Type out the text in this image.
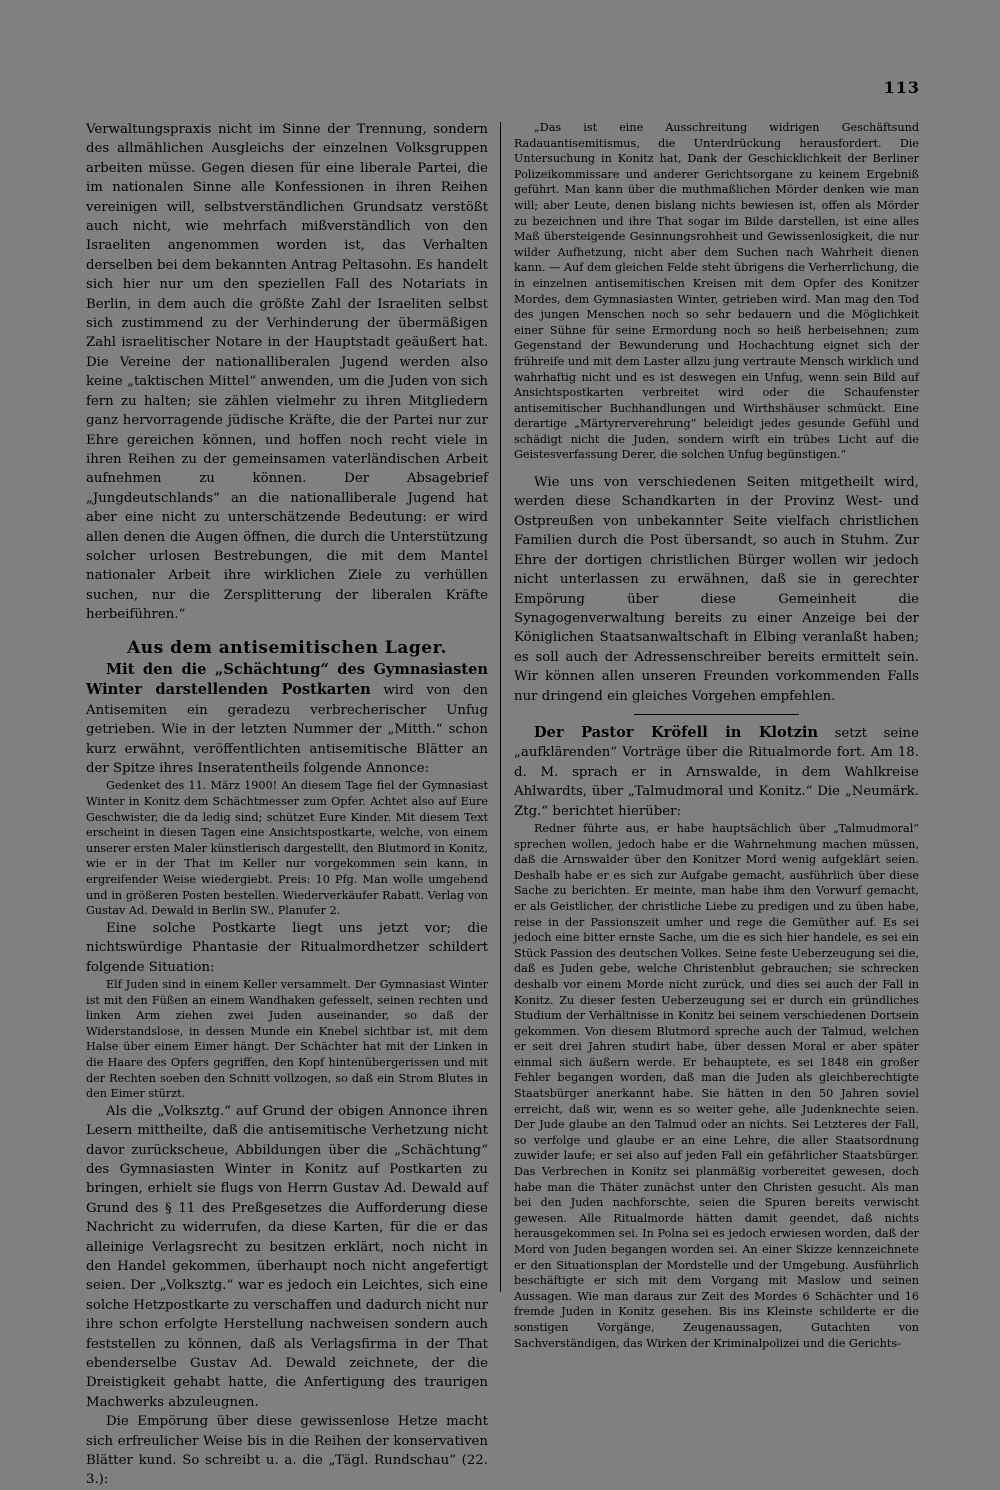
113

Verwaltungspraxis nicht im Sinne der Trennung, sondern des allmählichen Ausgleichs der einzelnen Volksgruppen arbeiten müsse. Gegen diesen für eine liberale Partei, die im nationalen Sinne alle Konfessionen in ihren Reihen vereinigen will, selbstverständlichen Grundsatz verstößt auch nicht, wie mehrfach mißverständlich von den Israeliten angenommen worden ist, das Verhalten derselben bei dem bekannten Antrag Peltasohn. Es handelt sich hier nur um den speziellen Fall des Notariats in Berlin, in dem auch die größte Zahl der Israeliten selbst sich zustimmend zu der Verhinderung der übermäßigen Zahl israelitischer Notare in der Hauptstadt geäußert hat. Die Vereine der nationalliberalen Jugend werden also keine „taktischen Mittel“ anwenden, um die Juden von sich fern zu halten; sie zählen vielmehr zu ihren Mitgliedern ganz hervorragende jüdische Kräfte, die der Partei nur zur Ehre gereichen können, und hoffen noch recht viele in ihren Reihen zu der gemeinsamen vaterländischen Arbeit aufnehmen zu können. Der Absagebrief „Jungdeutschlands“ an die nationalliberale Jugend hat aber eine nicht zu unterschätzende Bedeutung: er wird allen denen die Augen öffnen, die durch die Unterstützung solcher urlosen Bestrebungen, die mit dem Mantel nationaler Arbeit ihre wirklichen Ziele zu verhüllen suchen, nur die Zersplitterung der liberalen Kräfte herbeiführen.“

Aus dem antisemitischen Lager.

Mit den die „Schächtung“ des Gymnasiasten Winter darstellenden Postkarten wird von den Antisemiten ein geradezu verbrecherischer Unfug getrieben. Wie in der letzten Nummer der „Mitth.“ schon kurz erwähnt, veröffentlichten antisemitische Blätter an der Spitze ihres Inseratentheils folgende Annonce:

Gedenket des 11. März 1900! An diesem Tage fiel der Gymnasiast Winter in Konitz dem Schächtmesser zum Opfer. Achtet also auf Eure Geschwister, die da ledig sind; schützet Eure Kinder. Mit diesem Text erscheint in diesen Tagen eine Ansichtspostkarte, welche, von einem unserer ersten Maler künstlerisch dargestellt, den Blutmord in Konitz, wie er in der That im Keller nur vorgekommen sein kann, in ergreifender Weise wiedergiebt. Preis: 10 Pfg. Man wolle umgehend und in größeren Posten bestellen. Wiederverkäufer Rabatt. Verlag von Gustav Ad. Dewald in Berlin SW., Planufer 2.

Eine solche Postkarte liegt uns jetzt vor; die nichtswürdige Phantasie der Ritualmordhetzer schildert folgende Situation:

Elf Juden sind in einem Keller versammelt. Der Gymnasiast Winter ist mit den Füßen an einem Wandhaken gefesselt, seinen rechten und linken Arm ziehen zwei Juden auseinander, so daß der Widerstandslose, in dessen Munde ein Knebel sichtbar ist, mit dem Halse über einem Eimer hängt. Der Schächter hat mit der Linken in die Haare des Opfers gegriffen, den Kopf hintenübergerissen und mit der Rechten soeben den Schnitt vollzogen, so daß ein Strom Blutes in den Eimer stürzt.

Als die „Volksztg.“ auf Grund der obigen Annonce ihren Lesern mittheilte, daß die antisemitische Verhetzung nicht davor zurückscheue, Abbildungen über die „Schächtung“ des Gymnasiasten Winter in Konitz auf Postkarten zu bringen, erhielt sie flugs von Herrn Gustav Ad. Dewald auf Grund des § 11 des Preßgesetzes die Aufforderung diese Nachricht zu widerrufen, da diese Karten, für die er das alleinige Verlagsrecht zu besitzen erklärt, noch nicht in den Handel gekommen, überhaupt noch nicht angefertigt seien. Der „Volksztg.“ war es jedoch ein Leichtes, sich eine solche Hetzpostkarte zu verschaffen und dadurch nicht nur ihre schon erfolgte Herstellung nachweisen sondern auch feststellen zu können, daß als Verlagsfirma in der That ebenderselbe Gustav Ad. Dewald zeichnete, der die Dreistigkeit gehabt hatte, die Anfertigung des traurigen Machwerks abzuleugnen.

Die Empörung über diese gewissenlose Hetze macht sich erfreulicher Weise bis in die Reihen der konservativen Blätter kund. So schreibt u. a. die „Tägl. Rundschau“ (22. 3.):

„Das ist eine Ausschreitung widrigen Geschäftsund Radauantisemitismus, die Unterdrückung herausfordert. Die Untersuchung in Konitz hat, Dank der Geschicklichkeit der Berliner Polizeikommissare und anderer Gerichtsorgane zu keinem Ergebniß geführt. Man kann über die muthmaßlichen Mörder denken wie man will; aber Leute, denen bislang nichts bewiesen ist, offen als Mörder zu bezeichnen und ihre That sogar im Bilde darstellen, ist eine alles Maß übersteigende Gesinnungsrohheit und Gewissenlosigkeit, die nur wilder Aufhetzung, nicht aber dem Suchen nach Wahrheit dienen kann. — Auf dem gleichen Felde steht übrigens die Verherrlichung, die in einzelnen antisemitischen Kreisen mit dem Opfer des Konitzer Mordes, dem Gymnasiasten Winter, getrieben wird. Man mag den Tod des jungen Menschen noch so sehr bedauern und die Möglichkeit einer Sühne für seine Ermordung noch so heiß herbeisehnen; zum Gegenstand der Bewunderung und Hochachtung eignet sich der frühreife und mit dem Laster allzu jung vertraute Mensch wirklich und wahrhaftig nicht und es ist deswegen ein Unfug, wenn sein Bild auf Ansichtspostkarten verbreitet wird oder die Schaufenster antisemitischer Buchhandlungen und Wirthshäuser schmückt. Eine derartige „Märtyrerverehrung“ beleidigt jedes gesunde Gefühl und schädigt nicht die Juden, sondern wirft ein trübes Licht auf die Geistesverfassung Derer, die solchen Unfug begünstigen.“

Wie uns von verschiedenen Seiten mitgetheilt wird, werden diese Schandkarten in der Provinz West- und Ostpreußen von unbekannter Seite vielfach christlichen Familien durch die Post übersandt, so auch in Stuhm. Zur Ehre der dortigen christlichen Bürger wollen wir jedoch nicht unterlassen zu erwähnen, daß sie in gerechter Empörung über diese Gemeinheit die Synagogenverwaltung bereits zu einer Anzeige bei der Königlichen Staatsanwaltschaft in Elbing veranlaßt haben; es soll auch der Adressenschreiber bereits ermittelt sein. Wir können allen unseren Freunden vorkommenden Falls nur dringend ein gleiches Vorgehen empfehlen.

Der Pastor Kröfell in Klotzin setzt seine „aufklärenden“ Vorträge über die Ritualmorde fort. Am 18. d. M. sprach er in Arnswalde, in dem Wahlkreise Ahlwardts, über „Talmudmoral und Konitz.“ Die „Neumärk. Ztg.“ berichtet hierüber:

Redner führte aus, er habe hauptsächlich über „Talmudmoral“ sprechen wollen, jedoch habe er die Wahrnehmung machen müssen, daß die Arnswalder über den Konitzer Mord wenig aufgeklärt seien. Deshalb habe er es sich zur Aufgabe gemacht, ausführlich über diese Sache zu berichten. Er meinte, man habe ihm den Vorwurf gemacht, er als Geistlicher, der christliche Liebe zu predigen und zu üben habe, reise in der Passionszeit umher und rege die Gemüther auf. Es sei jedoch eine bitter ernste Sache, um die es sich hier handele, es sei ein Stück Passion des deutschen Volkes. Seine feste Ueberzeugung sei die, daß es Juden gebe, welche Christenblut gebrauchen; sie schrecken deshalb vor einem Morde nicht zurück, und dies sei auch der Fall in Konitz. Zu dieser festen Ueberzeugung sei er durch ein gründliches Studium der Verhältnisse in Konitz bei seinem verschiedenen Dortsein gekommen. Von diesem Blutmord spreche auch der Talmud, welchen er seit drei Jahren studirt habe, über dessen Moral er aber später einmal sich äußern werde. Er behauptete, es sei 1848 ein großer Fehler begangen worden, daß man die Juden als gleichberechtigte Staatsbürger anerkannt habe. Sie hätten in den 50 Jahren soviel erreicht, daß wir, wenn es so weiter gehe, alle Judenknechte seien. Der Jude glaube an den Talmud oder an nichts. Sei Letzteres der Fall, so verfolge und glaube er an eine Lehre, die aller Staatsordnung zuwider laufe; er sei also auf jeden Fall ein gefährlicher Staatsbürger. Das Verbrechen in Konitz sei planmäßig vorbereitet gewesen, doch habe man die Thäter zunächst unter den Christen gesucht. Als man bei den Juden nachforschte, seien die Spuren bereits verwischt gewesen. Alle Ritualmorde hätten damit geendet, daß nichts herausgekommen sei. In Polna sei es jedoch erwiesen worden, daß der Mord von Juden begangen worden sei. An einer Skizze kennzeichnete er den Situationsplan der Mordstelle und der Umgebung. Ausführlich beschäftigte er sich mit dem Vorgang mit Maslow und seinen Aussagen. Wie man daraus zur Zeit des Mordes 6 Schächter und 16 fremde Juden in Konitz gesehen. Bis ins Kleinste schilderte er die sonstigen Vorgänge, Zeugenaussagen, Gutachten von Sachverständigen, das Wirken der Kriminalpolizei und die Gerichts-
